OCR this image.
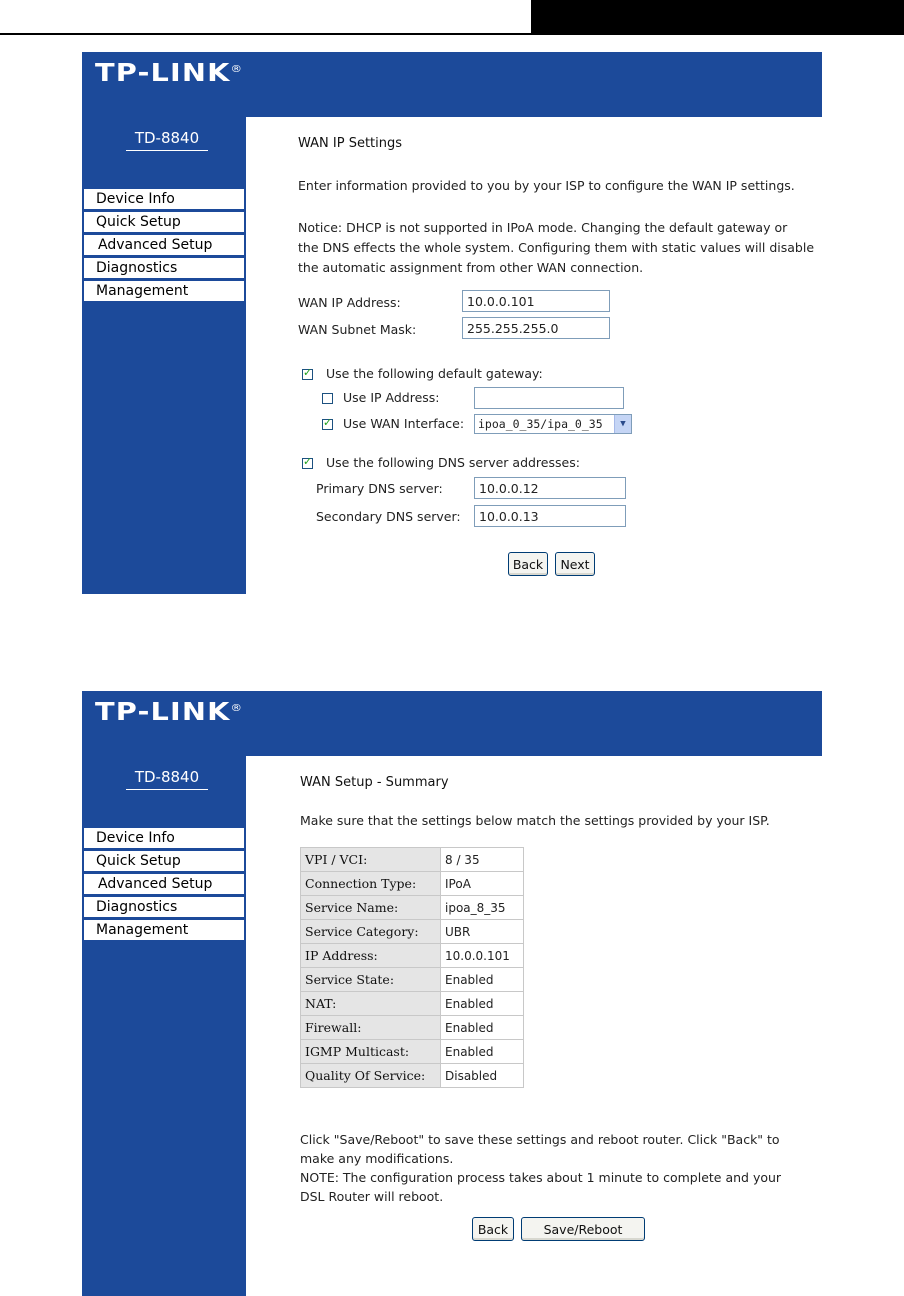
TP-LINK®
TD-8840
Device Info
Quick Setup
Advanced Setup
Diagnostics
Management
WAN IP Settings
Enter information provided to you by your ISP to configure the WAN IP settings.
Notice: DHCP is not supported in IPoA mode. Changing the default gateway or
the DNS effects the whole system. Configuring them with static values will disable
the automatic assignment from other WAN connection.
WAN IP Address:
10.0.0.101
WAN Subnet Mask:
255.255.255.0
✓
Use the following default gateway:
Use IP Address:
✓
Use WAN Interface:	ipoa_0_35/ipa_0_35	▼
✓
Use the following DNS server addresses:
Primary DNS server:
10.0.0.12
Secondary DNS server:
10.0.0.13
Back	Next
TP-LINK®
TD-8840
Device Info
Quick Setup
Advanced Setup
Diagnostics
Management
WAN Setup - Summary
Make sure that the settings below match the settings provided by your ISP.
VPI / VCI:	8 / 35
Connection Type:	IPoA
Service Name:	ipoa_8_35
Service Category:	UBR
IP Address:	10.0.0.101
Service State:	Enabled
NAT:	Enabled
Firewall:	Enabled
IGMP Multicast:	Enabled
Quality Of Service:	Disabled
Click "Save/Reboot" to save these settings and reboot router. Click "Back" to
make any modifications.
NOTE: The configuration process takes about 1 minute to complete and your
DSL Router will reboot.
Back	Save/Reboot
